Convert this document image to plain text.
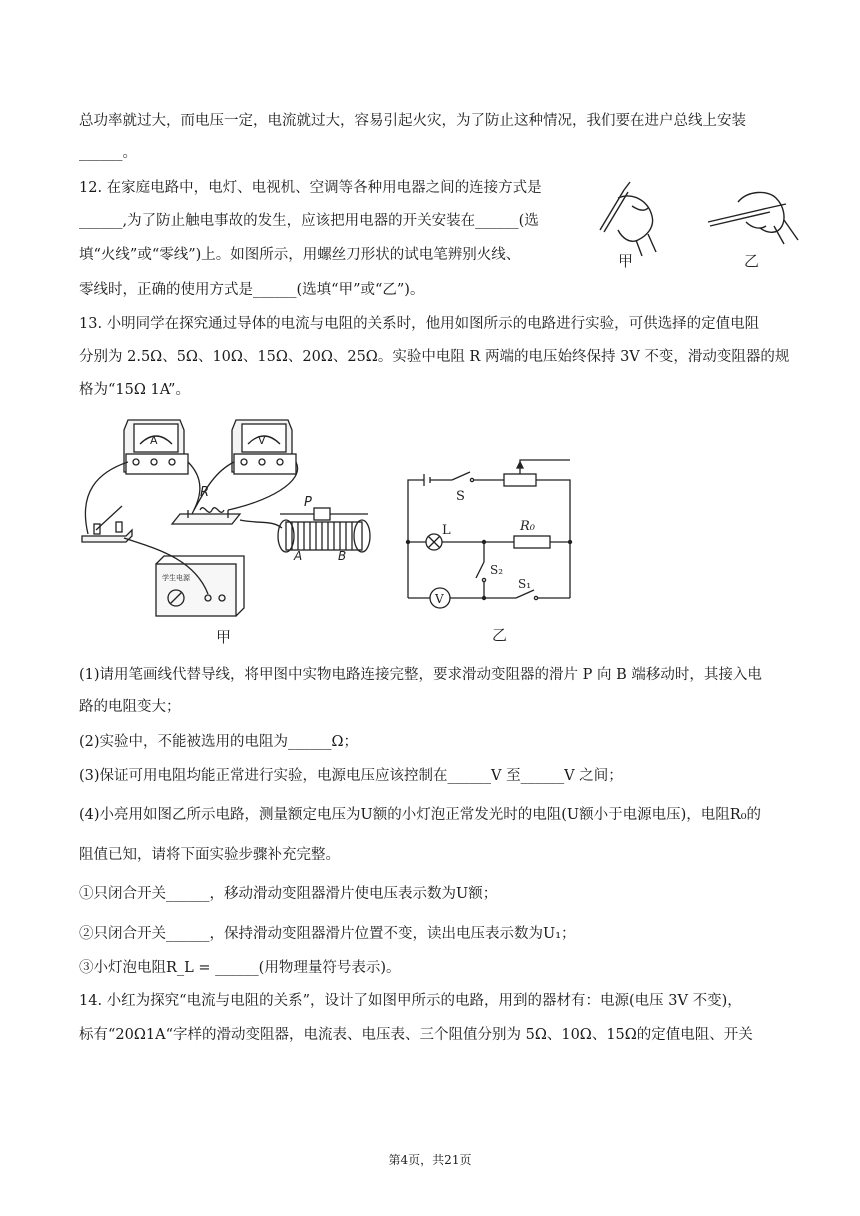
总功率就过大，而电压一定，电流就过大，容易引起火灾，为了防止这种情况，我们要在进户总线上安装
______。
12. 在家庭电路中，电灯、电视机、空调等各种用电器之间的连接方式是
______,为了防止触电事故的发生，应该把用电器的开关安装在______(选
填“火线”或“零线”)上。如图所示，用螺丝刀形状的试电笔辨别火线、
零线时，正确的使用方式是______(选填“甲”或“乙”)。
甲	乙
13. 小明同学在探究通过导体的电流与电阻的关系时，他用如图所示的电路进行实验，可供选择的定值电阻
分别为 2.5Ω、5Ω、10Ω、15Ω、20Ω、25Ω。实验中电阻 R 两端的电压始终保持 3V 不变，滑动变阻器的规
格为“15Ω 1A”。
A	V
R
P
A	B
学生电源
甲
S
L	R₀
S₂
S₁
V
乙
(1)请用笔画线代替导线，将甲图中实物电路连接完整，要求滑动变阻器的滑片 P 向 B 端移动时，其接入电
路的电阻变大；
(2)实验中，不能被选用的电阻为______Ω；
(3)保证可用电阻均能正常进行实验，电源电压应该控制在______V 至______V 之间；
(4)小亮用如图乙所示电路，测量额定电压为U额的小灯泡正常发光时的电阻(U额小于电源电压)，电阻R₀的
阻值已知，请将下面实验步骤补充完整。
①只闭合开关______，移动滑动变阻器滑片使电压表示数为U额；
②只闭合开关______，保持滑动变阻器滑片位置不变，读出电压表示数为U₁；
③小灯泡电阻R_L = ______(用物理量符号表示)。
14. 小红为探究“电流与电阻的关系”，设计了如图甲所示的电路，用到的器材有：电源(电压 3V 不变)，
标有“20Ω1A“字样的滑动变阻器，电流表、电压表、三个阻值分别为 5Ω、10Ω、15Ω的定值电阻、开关
第4页，共21页
